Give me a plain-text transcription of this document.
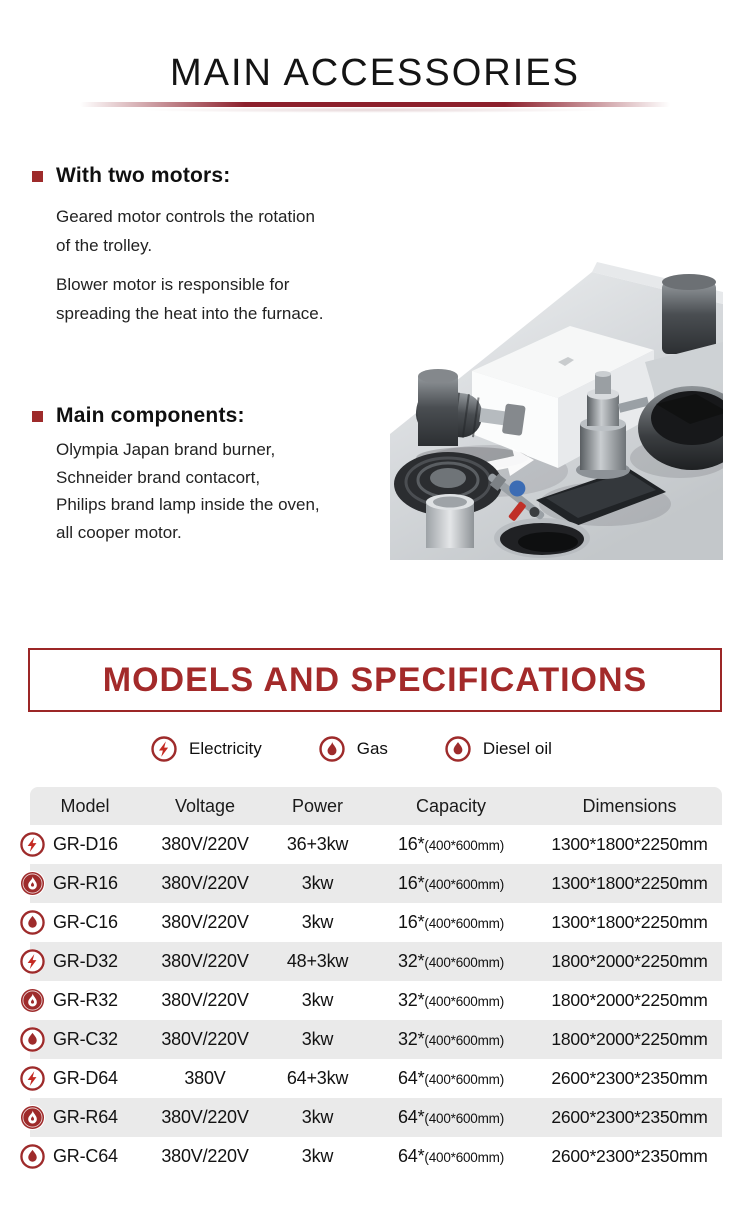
MAIN ACCESSORIES
With two motors:
Geared motor controls the rotation
of the trolley.
Blower motor is responsible for
spreading the heat into the furnace.
Main components:
Olympia Japan brand burner,
Schneider brand contacort,
Philips brand lamp inside the oven,
all cooper motor.
MODELS AND SPECIFICATIONS
Electricity	Gas	Diesel oil
Model	Voltage	Power	Capacity	Dimensions
GR-D16	380V/220V	36+3kw	16*(400*600mm)	1300*1800*2250mm
GR-R16	380V/220V	3kw	16*(400*600mm)	1300*1800*2250mm
GR-C16	380V/220V	3kw	16*(400*600mm)	1300*1800*2250mm
GR-D32	380V/220V	48+3kw	32*(400*600mm)	1800*2000*2250mm
GR-R32	380V/220V	3kw	32*(400*600mm)	1800*2000*2250mm
GR-C32	380V/220V	3kw	32*(400*600mm)	1800*2000*2250mm
GR-D64	380V	64+3kw	64*(400*600mm)	2600*2300*2350mm
GR-R64	380V/220V	3kw	64*(400*600mm)	2600*2300*2350mm
GR-C64	380V/220V	3kw	64*(400*600mm)	2600*2300*2350mm
